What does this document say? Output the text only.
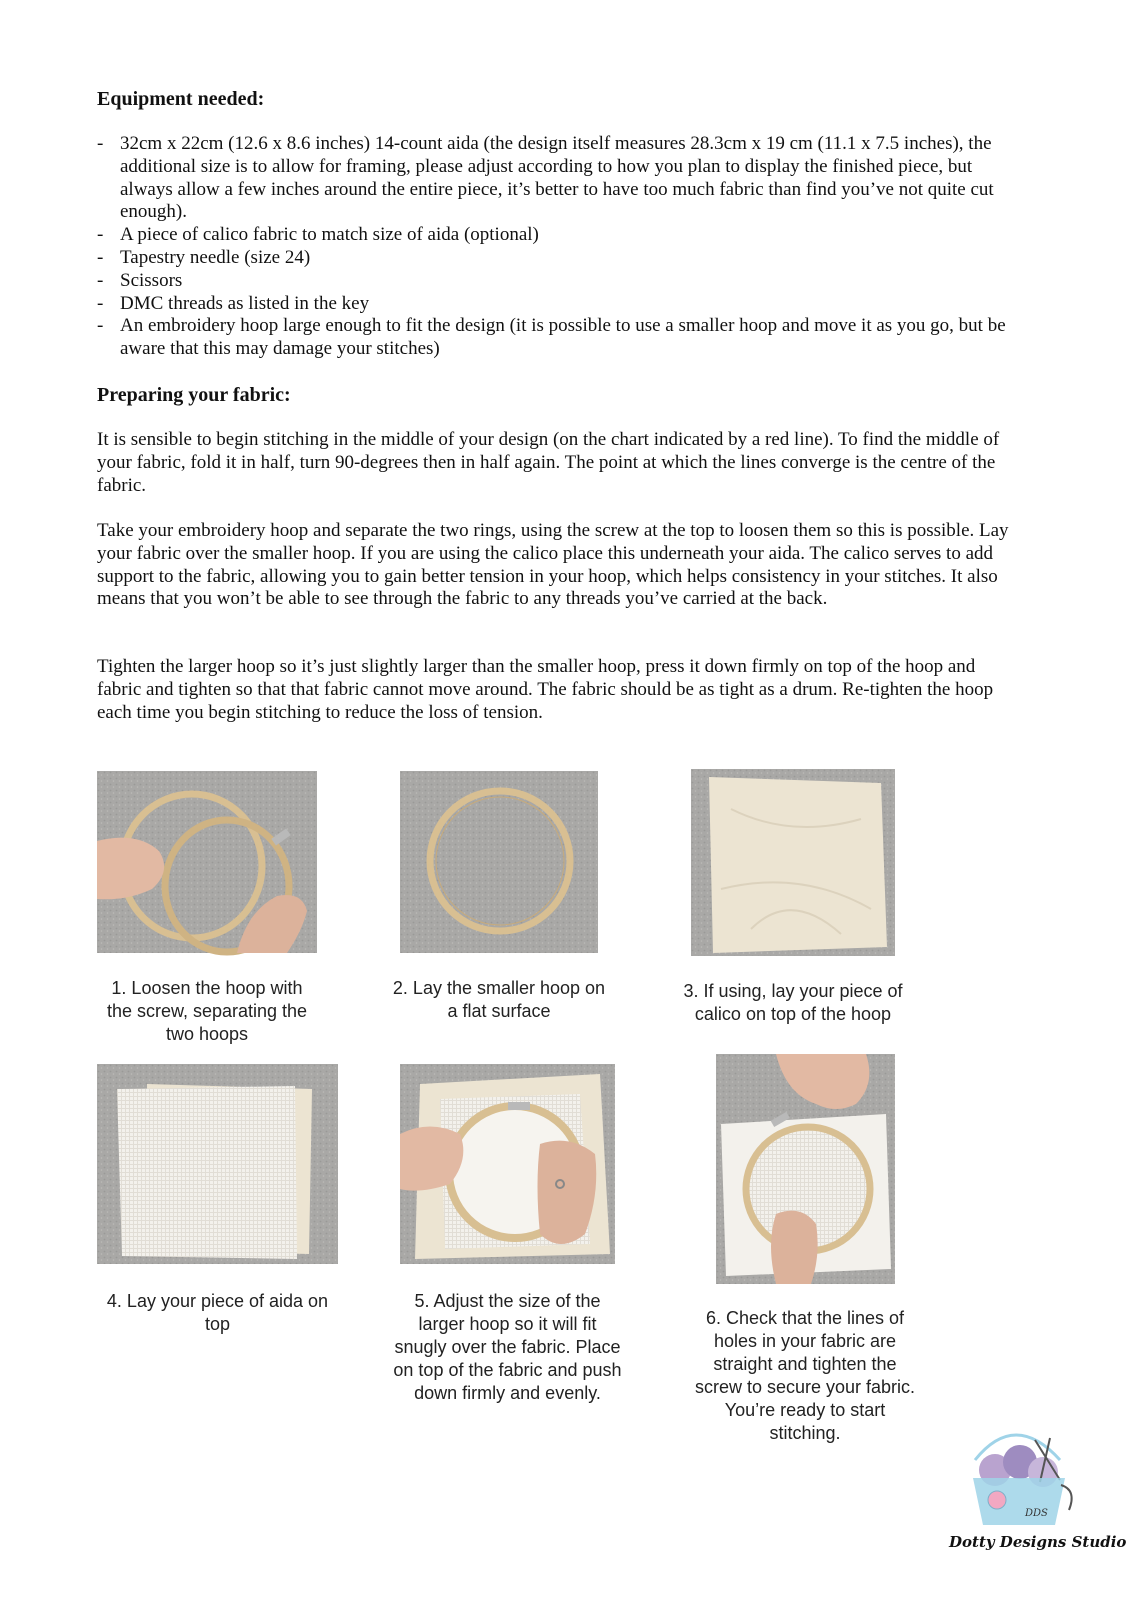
Equipment needed:
- 32cm x 22cm (12.6 x 8.6 inches) 14-count aida (the design itself measures 28.3cm x 19 cm (11.1 x 7.5 inches), the additional size is to allow for framing, please adjust according to how you plan to display the finished piece, but always allow a few inches around the entire piece, it’s better to have too much fabric than find you’ve not quite cut enough).
- A piece of calico fabric to match size of aida (optional)
- Tapestry needle (size 24)
- Scissors
- DMC threads as listed in the key
- An embroidery hoop large enough to fit the design (it is possible to use a smaller hoop and move it as you go, but be aware that this may damage your stitches)
Preparing your fabric:
It is sensible to begin stitching in the middle of your design (on the chart indicated by a red line). To find the middle of your fabric, fold it in half, turn 90-degrees then in half again. The point at which the lines converge is the centre of the fabric.
Take your embroidery hoop and separate the two rings, using the screw at the top to loosen them so this is possible. Lay your fabric over the smaller hoop. If you are using the calico place this underneath your aida. The calico serves to add support to the fabric, allowing you to gain better tension in your hoop, which helps consistency in your stitches. It also means that you won’t be able to see through the fabric to any threads you’ve carried at the back.
Tighten the larger hoop so it’s just slightly larger than the smaller hoop, press it down firmly on top of the hoop and fabric and tighten so that that fabric cannot move around. The fabric should be as tight as a drum. Re-tighten the hoop each time you begin stitching to reduce the loss of tension.
1. Loosen the hoop with the screw, separating the two hoops
2. Lay the smaller hoop on a flat surface
3. If using, lay your piece of calico on top of the hoop
4. Lay your piece of aida on top
5. Adjust the size of the larger hoop so it will fit snugly over the fabric. Place on top of the fabric and push down firmly and evenly.
6. Check that the lines of holes in your fabric are straight and tighten the screw to secure your fabric. You’re ready to start stitching.
DDS
Dotty Designs Studio
